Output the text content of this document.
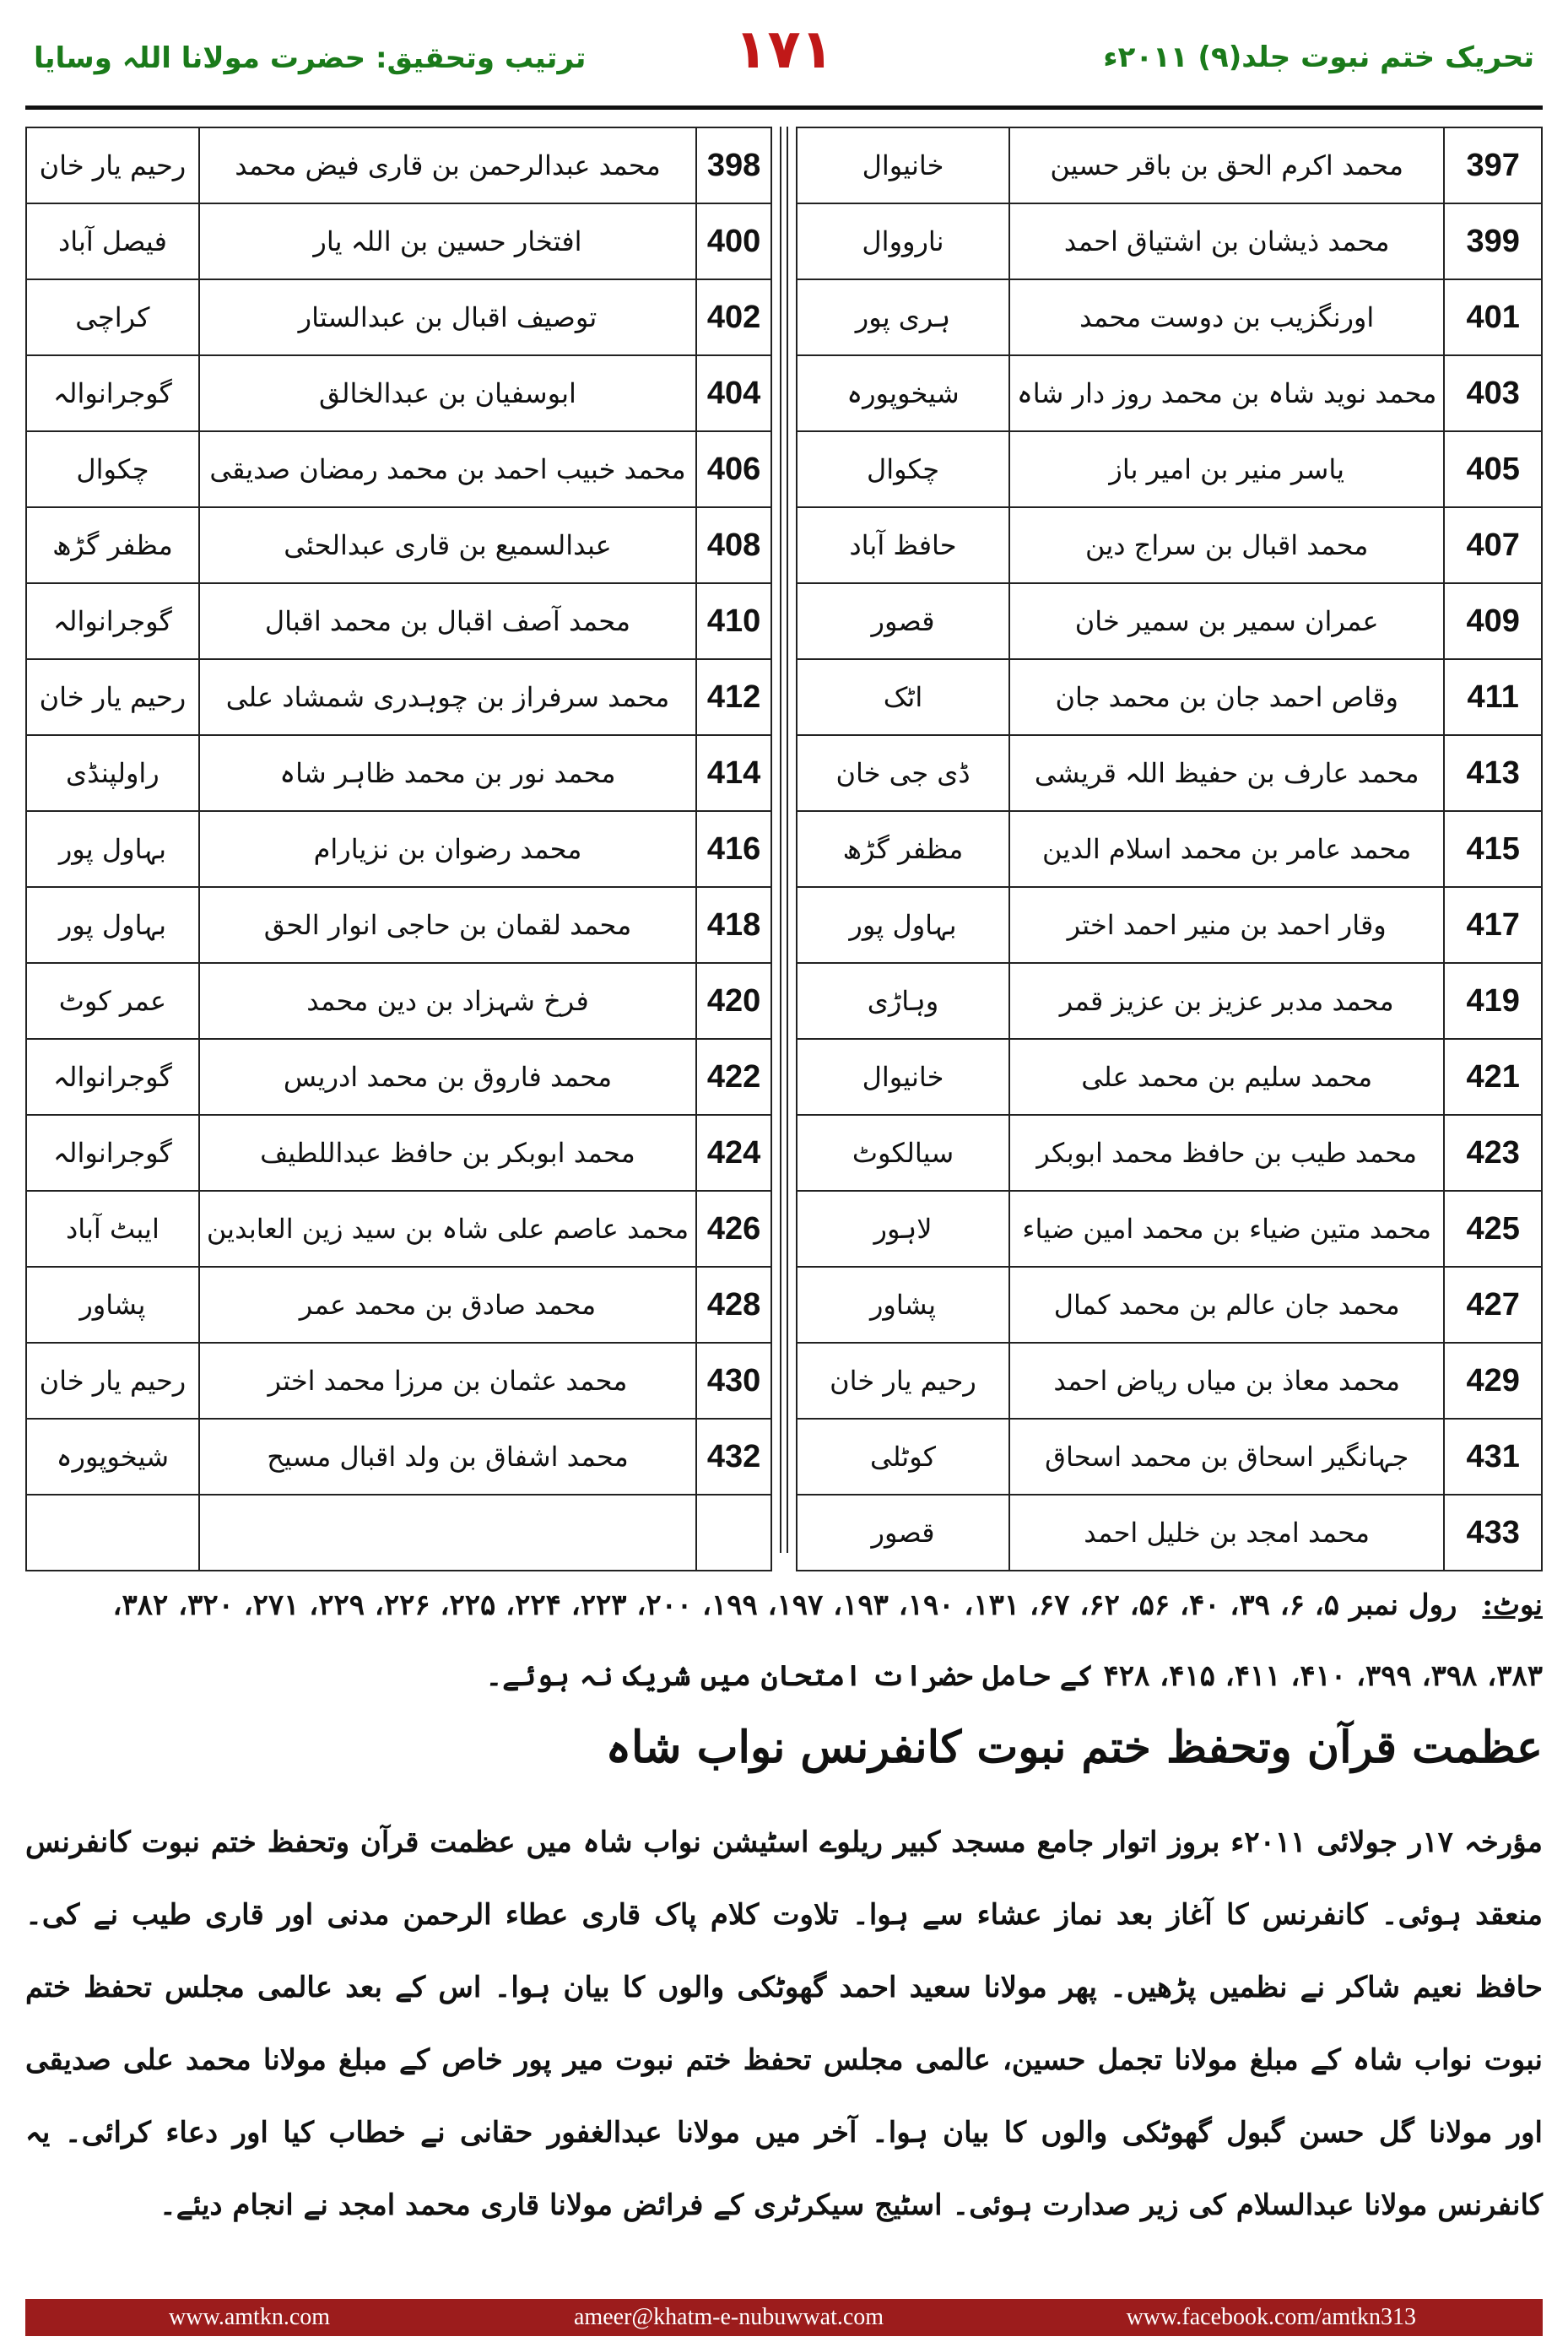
ترتیب وتحقیق: حضرت مولانا اللہ وسایا	۱۷۱	تحریک ختم نبوت جلد(۹) ۲۰۱۱ء
خانیوال	محمد اکرم الحق بن باقر حسین	397
نارووال	محمد ذیشان بن اشتیاق احمد	399
ہری پور	اورنگزیب بن دوست محمد	401
شیخوپورہ	محمد نوید شاہ بن محمد روز دار شاہ	403
چکوال	یاسر منیر بن امیر باز	405
حافظ آباد	محمد اقبال بن سراج دین	407
قصور	عمران سمیر بن سمیر خان	409
اٹک	وقاص احمد جان بن محمد جان	411
ڈی جی خان	محمد عارف بن حفیظ اللہ قریشی	413
مظفر گڑھ	محمد عامر بن محمد اسلام الدین	415
بہاول پور	وقار احمد بن منیر احمد اختر	417
وہاڑی	محمد مدبر عزیز بن عزیز قمر	419
خانیوال	محمد سلیم بن محمد علی	421
سیالکوٹ	محمد طیب بن حافظ محمد ابوبکر	423
لاہور	محمد متین ضیاء بن محمد امین ضیاء	425
پشاور	محمد جان عالم بن محمد کمال	427
رحیم یار خان	محمد معاذ بن میاں ریاض احمد	429
کوٹلی	جہانگیر اسحاق بن محمد اسحاق	431
قصور	محمد امجد بن خلیل احمد	433
رحیم یار خان	محمد عبدالرحمن بن قاری فیض محمد	398
فیصل آباد	افتخار حسین بن اللہ یار	400
کراچی	توصیف اقبال بن عبدالستار	402
گوجرانوالہ	ابوسفیان بن عبدالخالق	404
چکوال	محمد خبیب احمد بن محمد رمضان صدیقی	406
مظفر گڑھ	عبدالسمیع بن قاری عبدالحئی	408
گوجرانوالہ	محمد آصف اقبال بن محمد اقبال	410
رحیم یار خان	محمد سرفراز بن چوہدری شمشاد علی	412
راولپنڈی	محمد نور بن محمد ظاہر شاہ	414
بہاول پور	محمد رضوان بن نزیارام	416
بہاول پور	محمد لقمان بن حاجی انوار الحق	418
عمر کوٹ	فرخ شہزاد بن دین محمد	420
گوجرانوالہ	محمد فاروق بن محمد ادریس	422
گوجرانوالہ	محمد ابوبکر بن حافظ عبداللطیف	424
ایبٹ آباد	محمد عاصم علی شاہ بن سید زین العابدین	426
پشاور	محمد صادق بن محمد عمر	428
رحیم یار خان	محمد عثمان بن مرزا محمد اختر	430
شیخوپورہ	محمد اشفاق بن ولد اقبال مسیح	432

نوٹ:رول نمبر ۵، ۶، ۳۹، ۴۰، ۵۶، ۶۲، ۶۷، ۱۳۱، ۱۹۰، ۱۹۳، ۱۹۷، ۱۹۹، ۲۰۰، ۲۲۳، ۲۲۴، ۲۲۵، ۲۲۶، ۲۲۹، ۲۷۱، ۳۲۰، ۳۸۲،
۳۸۳، ۳۹۸، ۳۹۹، ۴۱۰، ۴۱۱، ۴۱۵، ۴۲۸ کے حامل حضرات امتحان میں شریک نہ ہوئے۔
عظمت قرآن وتحفظ ختم نبوت کانفرنس نواب شاہ
مؤرخہ ۱۷ر جولائی ۲۰۱۱ء بروز اتوار جامع مسجد کبیر ریلوے اسٹیشن نواب شاہ میں عظمت قرآن وتحفظ ختم نبوت کانفرنس منعقد ہوئی۔ کانفرنس کا آغاز بعد نماز عشاء سے ہوا۔ تلاوت کلام پاک قاری عطاء الرحمن مدنی اور قاری طیب نے کی۔ حافظ نعیم شاکر نے نظمیں پڑھیں۔ پھر مولانا سعید احمد گھوٹکی والوں کا بیان ہوا۔ اس کے بعد عالمی مجلس تحفظ ختم نبوت نواب شاہ کے مبلغ مولانا تجمل حسین، عالمی مجلس تحفظ ختم نبوت میر پور خاص کے مبلغ مولانا محمد علی صدیقی اور مولانا گل حسن گبول گھوٹکی والوں کا بیان ہوا۔ آخر میں مولانا عبدالغفور حقانی نے خطاب کیا اور دعاء کرائی۔ یہ کانفرنس مولانا عبدالسلام کی زیر صدارت ہوئی۔ اسٹیج سیکرٹری کے فرائض مولانا قاری محمد امجد نے انجام دیئے۔
www.amtkn.com	ameer@khatm-e-nubuwwat.com	www.facebook.com/amtkn313
